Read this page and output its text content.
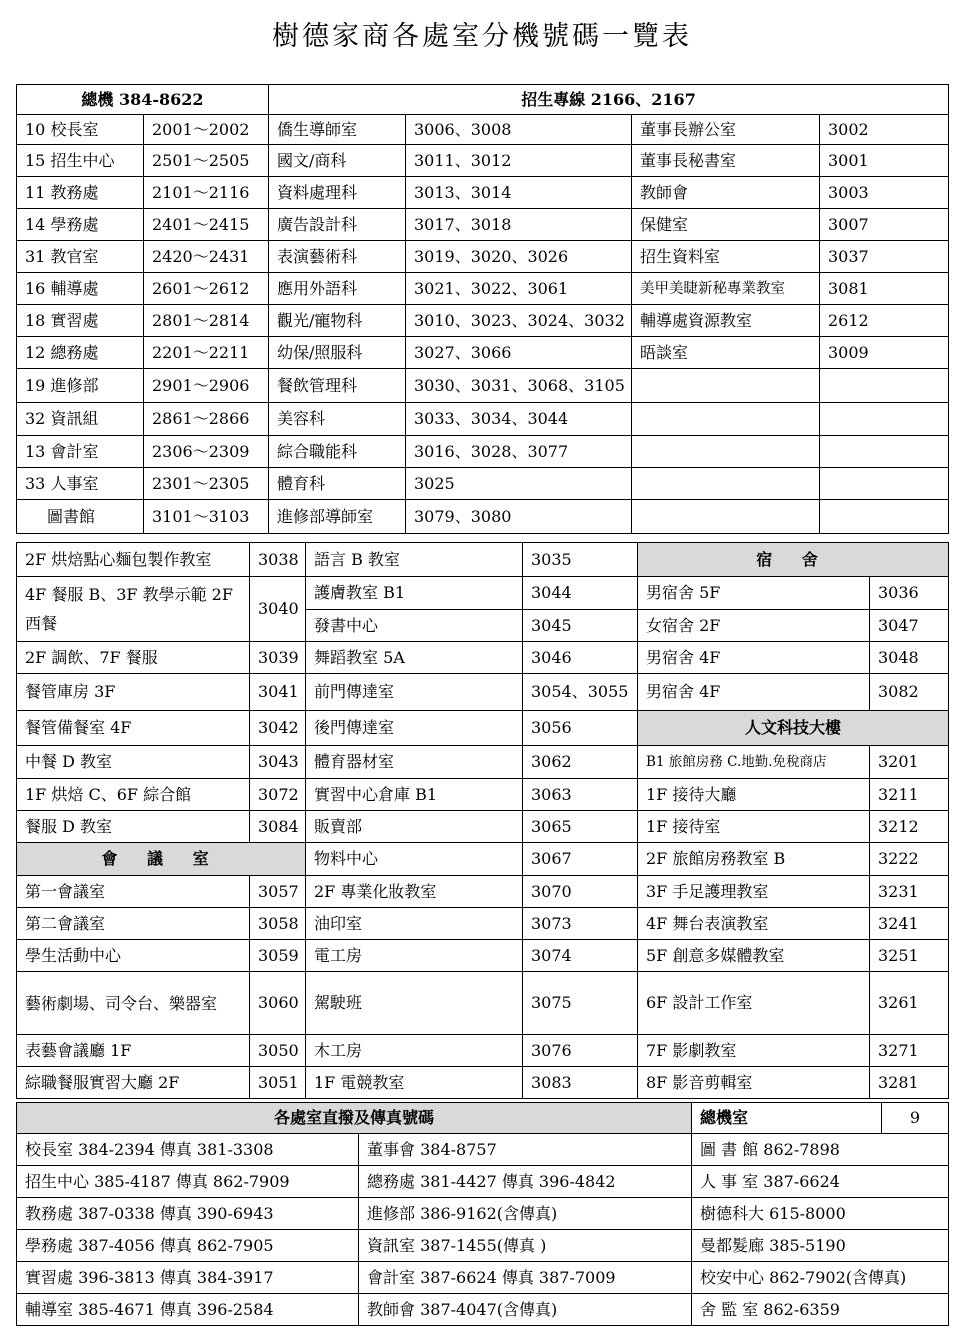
樹德家商各處室分機號碼一覽表
總機 384-8622		招生專線 2166、2167			
10 校長室	2001～2002	僑生導師室	3006、3008	董事長辦公室	3002
15 招生中心	2501～2505	國文/商科	3011、3012	董事長秘書室	3001
11 教務處	2101～2116	資料處理科	3013、3014	教師會	3003
14 學務處	2401～2415	廣告設計科	3017、3018	保健室	3007
31 教官室	2420～2431	表演藝術科	3019、3020、3026	招生資料室	3037
16 輔導處	2601～2612	應用外語科	3021、3022、3061	美甲美睫新秘專業教室	3081
18 實習處	2801～2814	觀光/寵物科	3010、3023、3024、3032	輔導處資源教室	2612
12 總務處	2201～2211	幼保/照服科	3027、3066	晤談室	3009
19 進修部	2901～2906	餐飲管理科	3030、3031、3068、3105		
32 資訊組	2861～2866	美容科	3033、3034、3044		
13 會計室	2306～2309	綜合職能科	3016、3028、3077		
33 人事室	2301～2305	體育科	3025		
圖書館	3101～3103	進修部導師室	3079、3080		
2F 烘焙點心麵包製作教室	3038	語言 B 教室	3035	宿 舍	
4F 餐服 B、3F 教學示範 2F 西餐	3040	護膚教室 B1	3044	男宿舍 5F	3036
		發書中心	3045	女宿舍 2F	3047
2F 調飲、7F 餐服	3039	舞蹈教室 5A	3046	男宿舍 4F	3048
餐管庫房 3F	3041	前門傳達室	3054、3055	男宿舍 4F	3082
餐管備餐室 4F	3042	後門傳達室	3056	人文科技大樓	
中餐 D 教室	3043	體育器材室	3062	B1 旅館房務 C.地勤.免稅商店	3201
1F 烘焙 C、6F 綜合館	3072	實習中心倉庫 B1	3063	1F 接待大廳	3211
餐服 D 教室	3084	販賣部	3065	1F 接待室	3212
會 議 室		物料中心	3067	2F 旅館房務教室 B	3222
第一會議室	3057	2F 專業化妝教室	3070	3F 手足護理教室	3231
第二會議室	3058	油印室	3073	4F 舞台表演教室	3241
學生活動中心	3059	電工房	3074	5F 創意多媒體教室	3251
藝術劇場、司令台、樂器室	3060	駕駛班	3075	6F 設計工作室	3261
表藝會議廳 1F	3050	木工房	3076	7F 影劇教室	3271
綜職餐服實習大廳 2F	3051	1F 電競教室	3083	8F 影音剪輯室	3281
各處室直撥及傳真號碼		總機室	9
校長室 384-2394 傳真 381-3308	董事會 384-8757	圖 書 館 862-7898	
招生中心 385-4187 傳真 862-7909	總務處 381-4427 傳真 396-4842	人 事 室 387-6624	
教務處 387-0338 傳真 390-6943	進修部 386-9162(含傳真)	樹德科大 615-8000	
學務處 387-4056 傳真 862-7905	資訊室 387-1455(傳真 )	曼都髮廊 385-5190	
實習處 396-3813 傳真 384-3917	會計室 387-6624 傳真 387-7009	校安中心 862-7902(含傳真)	
輔導室 385-4671 傳真 396-2584	教師會 387-4047(含傳真)	舍 監 室 862-6359	
